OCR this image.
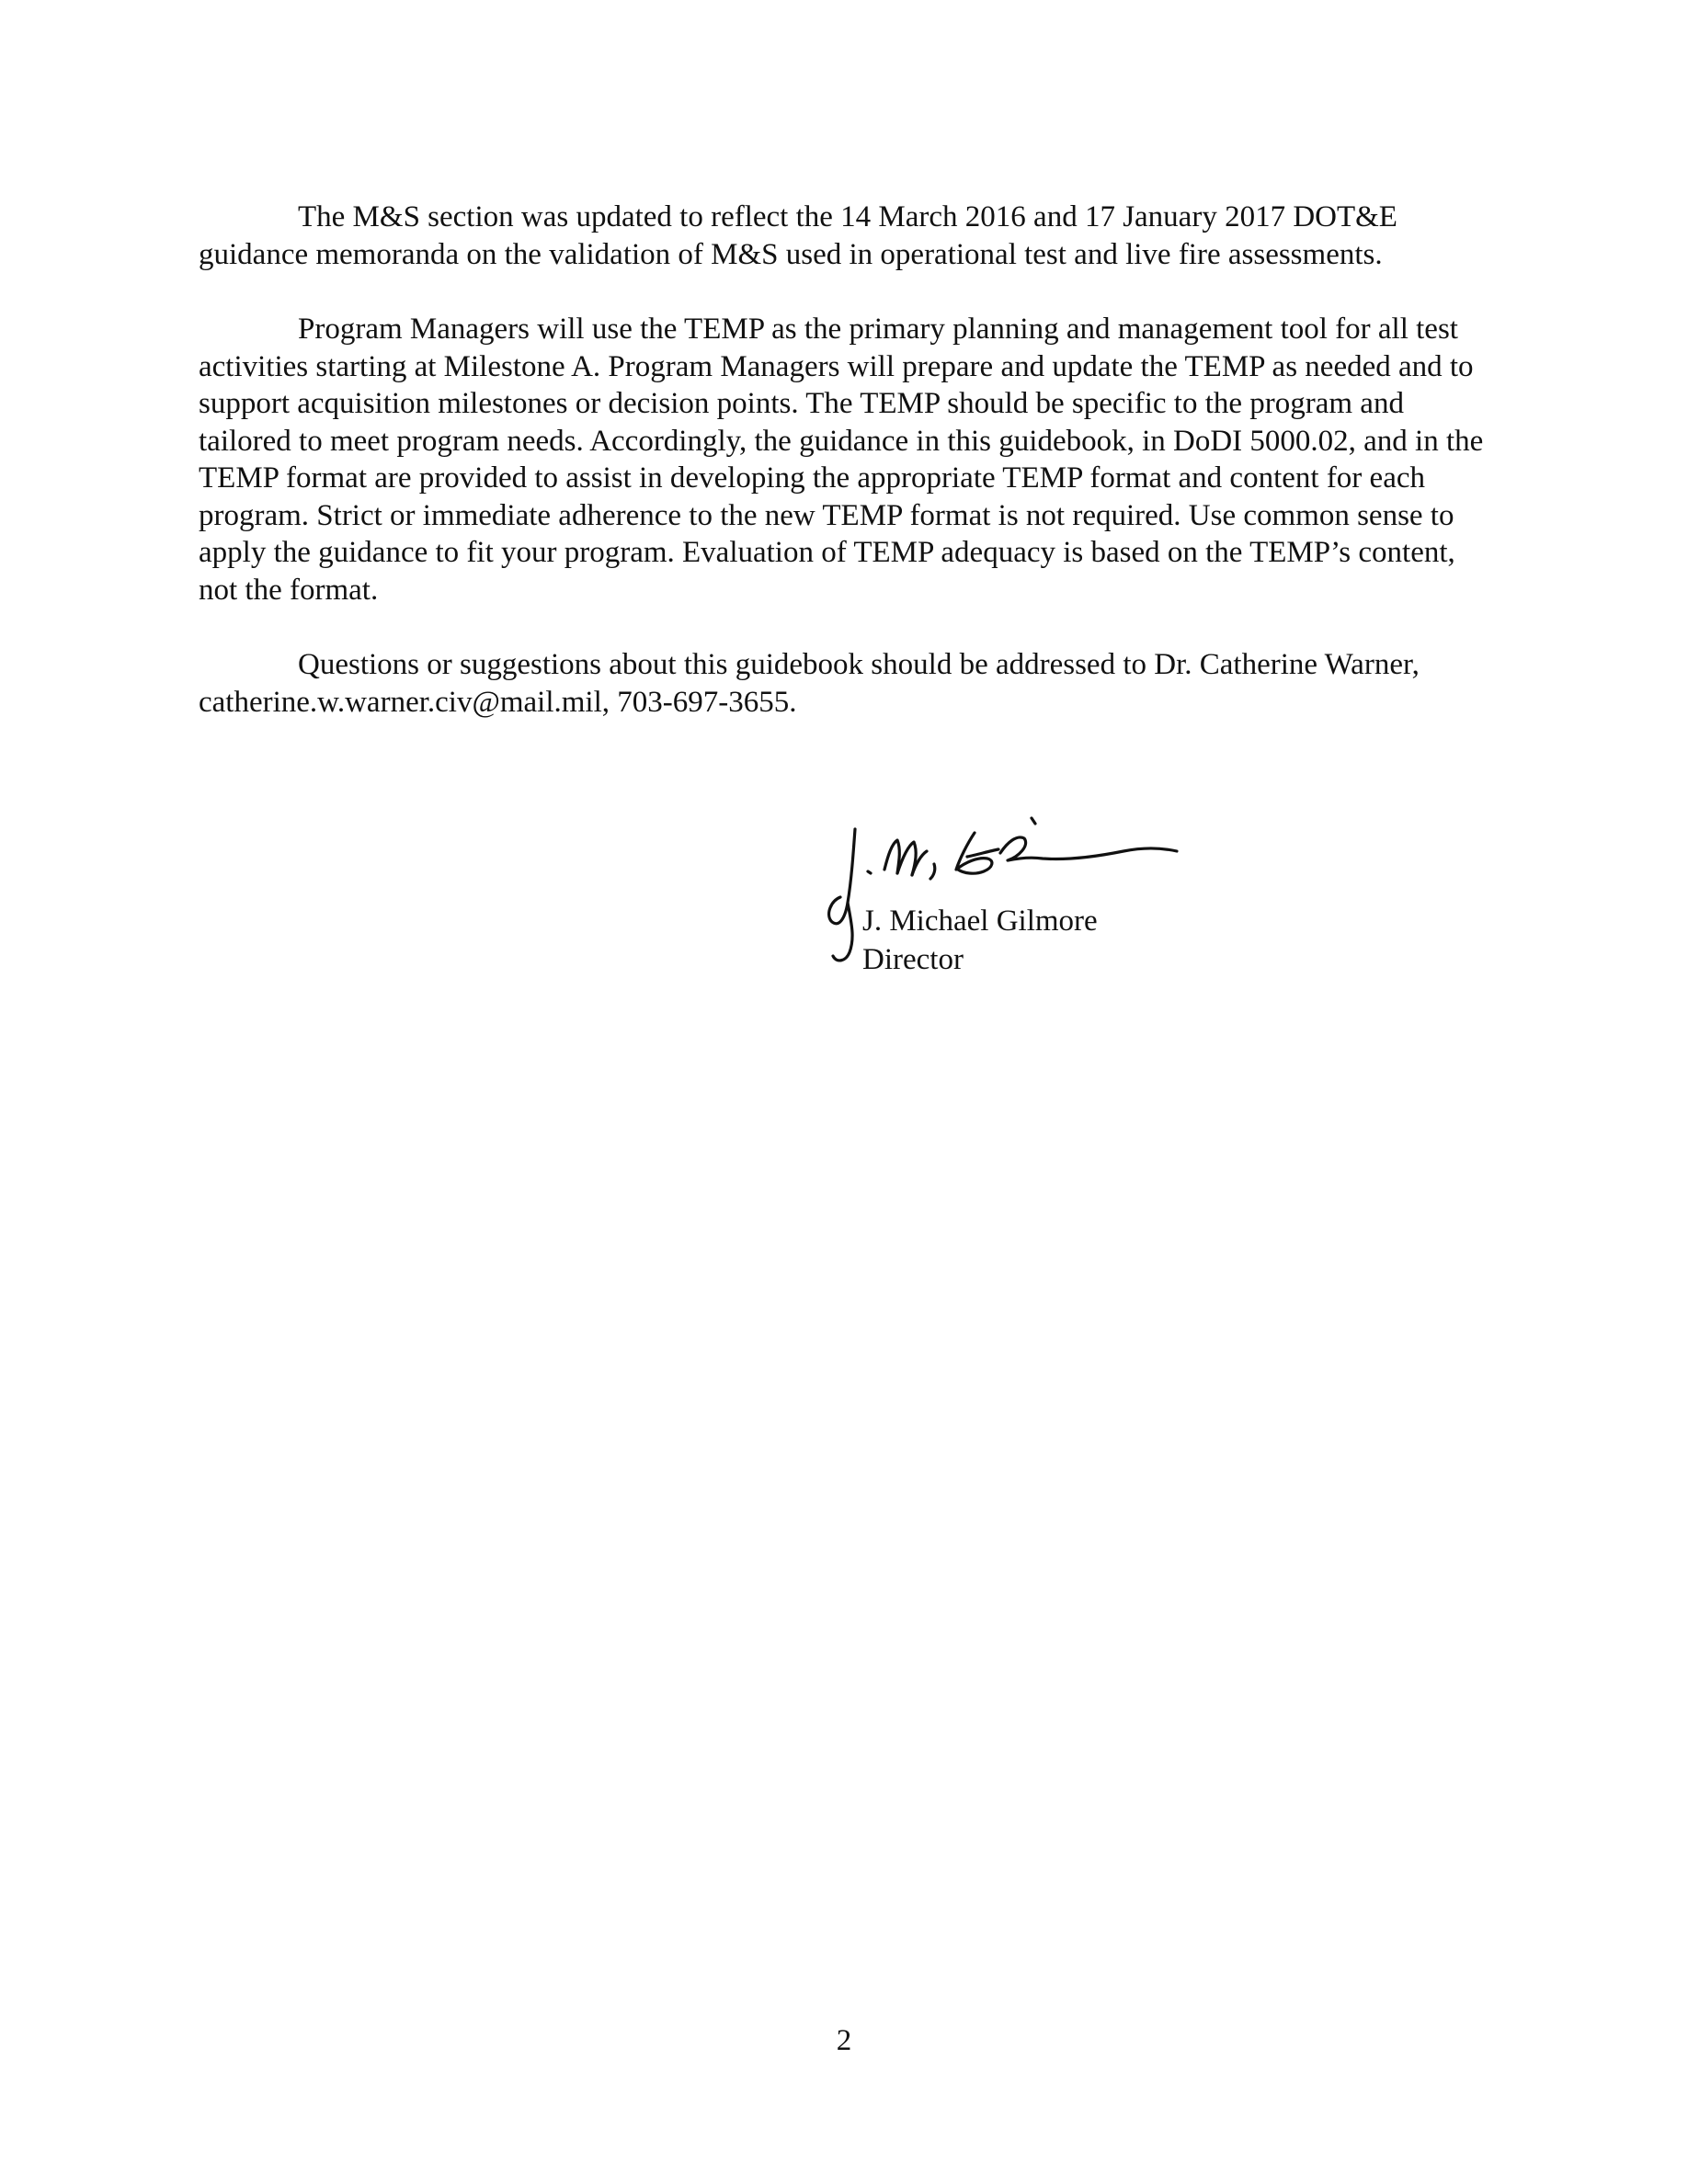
The M&S section was updated to reflect the 14 March 2016 and 17 January 2017 DOT&E guidance memoranda on the validation of M&S used in operational test and live fire assessments.

Program Managers will use the TEMP as the primary planning and management tool for all test activities starting at Milestone A. Program Managers will prepare and update the TEMP as needed and to support acquisition milestones or decision points. The TEMP should be specific to the program and tailored to meet program needs. Accordingly, the guidance in this guidebook, in DoDI 5000.02, and in the TEMP format are provided to assist in developing the appropriate TEMP format and content for each program. Strict or immediate adherence to the new TEMP format is not required. Use common sense to apply the guidance to fit your program. Evaluation of TEMP adequacy is based on the TEMP’s content, not the format.

Questions or suggestions about this guidebook should be addressed to Dr. Catherine Warner, catherine.w.warner.civ@mail.mil, 703-697-3655.

J. Michael Gilmore
Director
2
